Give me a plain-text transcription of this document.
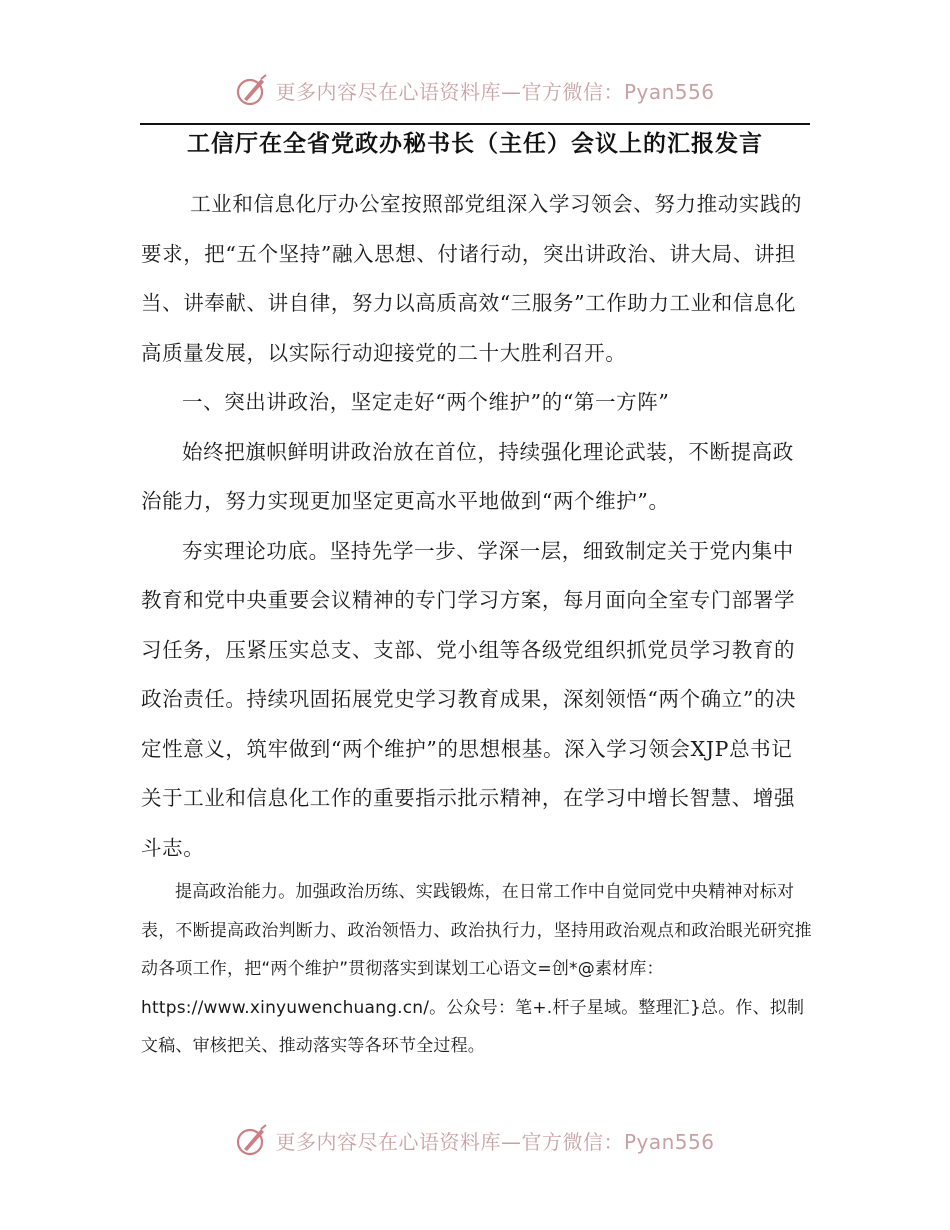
更多内容尽在心语资料库—官方微信：Pyan556
工信厅在全省党政办秘书长（主任）会议上的汇报发言

工业和信息化厅办公室按照部党组深入学习领会、努力推动实践的要求，把“五个坚持”融入思想、付诸行动，突出讲政治、讲大局、讲担当、讲奉献、讲自律，努力以高质高效“三服务”工作助力工业和信息化高质量发展，以实际行动迎接党的二十大胜利召开。

一、突出讲政治，坚定走好“两个维护”的“第一方阵”

始终把旗帜鲜明讲政治放在首位，持续强化理论武装，不断提高政治能力，努力实现更加坚定更高水平地做到“两个维护”。

夯实理论功底。坚持先学一步、学深一层，细致制定关于党内集中教育和党中央重要会议精神的专门学习方案，每月面向全室专门部署学习任务，压紧压实总支、支部、党小组等各级党组织抓党员学习教育的政治责任。持续巩固拓展党史学习教育成果，深刻领悟“两个确立”的决定性意义，筑牢做到“两个维护”的思想根基。深入学习领会XJP总书记关于工业和信息化工作的重要指示批示精神，在学习中增长智慧、增强斗志。

提高政治能力。加强政治历练、实践锻炼，在日常工作中自觉同党中央精神对标对表，不断提高政治判断力、政治领悟力、政治执行力，坚持用政治观点和政治眼光研究推动各项工作，把“两个维护”贯彻落实到谋划工心语文=创*@素材库：https://www.xinyuwenchuang.cn/。公众号：笔+.杆子星域。整理汇}总。作、拟制文稿、审核把关、推动落实等各环节全过程。

更多内容尽在心语资料库—官方微信：Pyan556
